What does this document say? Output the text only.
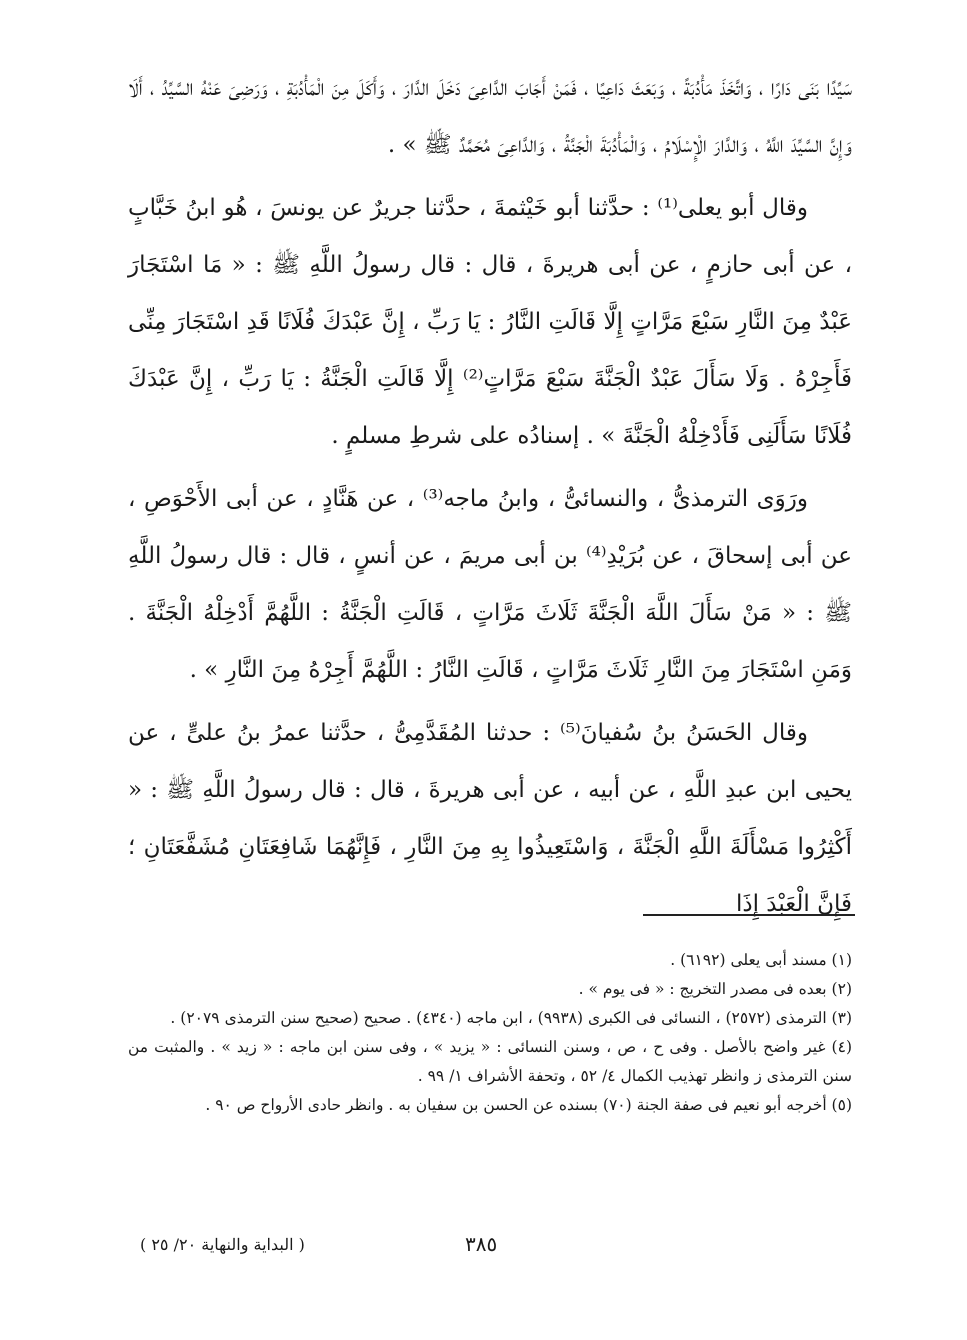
سَيِّدًا بَنَى دَارًا ، وَاتَّخَذَ مَأْدُبَةً ، وَبَعَثَ دَاعِيًا ، فَمَنْ أَجَابَ الدَّاعِىَ دَخَلَ الدَّارَ ، وَأَكَلَ مِنَ الْمَأْدُبَةِ ، وَرَضِىَ عَنْهُ السَّيِّدُ ، أَلَا وَإِنَّ السَّيِّدَ اللَّهُ ، وَالدَّارَ الْإِسْلَامُ ، وَالْمَأْدُبَةَ الْجَنَّةُ ، وَالدَّاعِىَ مُحَمَّدٌ ﷺ » .

وقال أبو يعلى⁽¹⁾ : حدَّثنا أبو خَيْثمةَ ، حدَّثنا جريرٌ عن يونسَ ، هُو ابنُ خَبَّابٍ ، عن أبى حازمٍ ، عن أبى هريرةَ ، قال : قال رسولُ اللَّهِ ﷺ : « مَا اسْتَجَارَ عَبْدٌ مِنَ النَّارِ سَبْعَ مَرَّاتٍ إِلَّا قَالَتِ النَّارُ : يَا رَبِّ ، إِنَّ عَبْدَكَ فُلَانًا قَدِ اسْتَجَارَ مِنِّى فَأَجِرْهُ . وَلَا سَأَلَ عَبْدٌ الْجَنَّةَ سَبْعَ مَرَّاتٍ⁽²⁾ إِلَّا قَالَتِ الْجَنَّةُ : يَا رَبِّ ، إِنَّ عَبْدَكَ فُلَانًا سَأَلَنِى فَأَدْخِلْهُ الْجَنَّةَ » . إسنادُه على شرطِ مسلمٍ .

ورَوَى الترمذىُّ ، والنسائىُّ ، وابنُ ماجه⁽³⁾ ، عن هَنَّادٍ ، عن أبى الأَحْوَصِ ، عن أبى إسحاقَ ، عن بُرَيْدِ⁽⁴⁾ بن أبى مريمَ ، عن أنسٍ ، قال : قال رسولُ اللَّهِ ﷺ : « مَنْ سَأَلَ اللَّهَ الْجَنَّةَ ثَلَاثَ مَرَّاتٍ ، قَالَتِ الْجَنَّةُ : اللَّهُمَّ أَدْخِلْهُ الْجَنَّةَ . وَمَنِ اسْتَجَارَ مِنَ النَّارِ ثَلَاثَ مَرَّاتٍ ، قَالَتِ النَّارُ : اللَّهُمَّ أَجِرْهُ مِنَ النَّارِ » .

وقال الحَسَنُ بنُ سُفيانَ⁽⁵⁾ : حدثنا المُقَدَّمِىُّ ، حدَّثنا عمرُ بنُ علىٍّ ، عن يحيى ابن عبدِ اللَّهِ ، عن أبيه ، عن أبى هريرةَ ، قال : قال رسولُ اللَّهِ ﷺ : « أَكْثِرُوا مَسْأَلَةَ اللَّهِ الْجَنَّةَ ، وَاسْتَعِيذُوا بِهِ مِنَ النَّارِ ، فَإِنَّهُمَا شَافِعَتَانِ مُشَفَّعَتَانِ ؛ فَإِنَّ الْعَبْدَ إِذَا

(١) مسند أبى يعلى (٦١٩٢) .

(٢) بعده فى مصدر التخريج : « فى يوم » .

(٣) الترمذى (٢٥٧٢) ، النسائى فى الكبرى (٩٩٣٨) ، ابن ماجه (٤٣٤٠) . صحيح (صحيح سنن الترمذى ٢٠٧٩) .

(٤) غير واضح بالأصل . وفى ح ، ص ، وسنن النسائى : « يزيد » ، وفى سنن ابن ماجه : « زيد » . والمثبت من سنن الترمذى ز وانظر تهذيب الكمال ٤/ ٥٢ ، وتحفة الأشراف ١/ ٩٩ .

(٥) أخرجه أبو نعيم فى صفة الجنة (٧٠) بسنده عن الحسن بن سفيان به . وانظر حادى الأرواح ص ٩٠ .

٣٨٥
( البداية والنهاية ٢٠/ ٢٥ )
